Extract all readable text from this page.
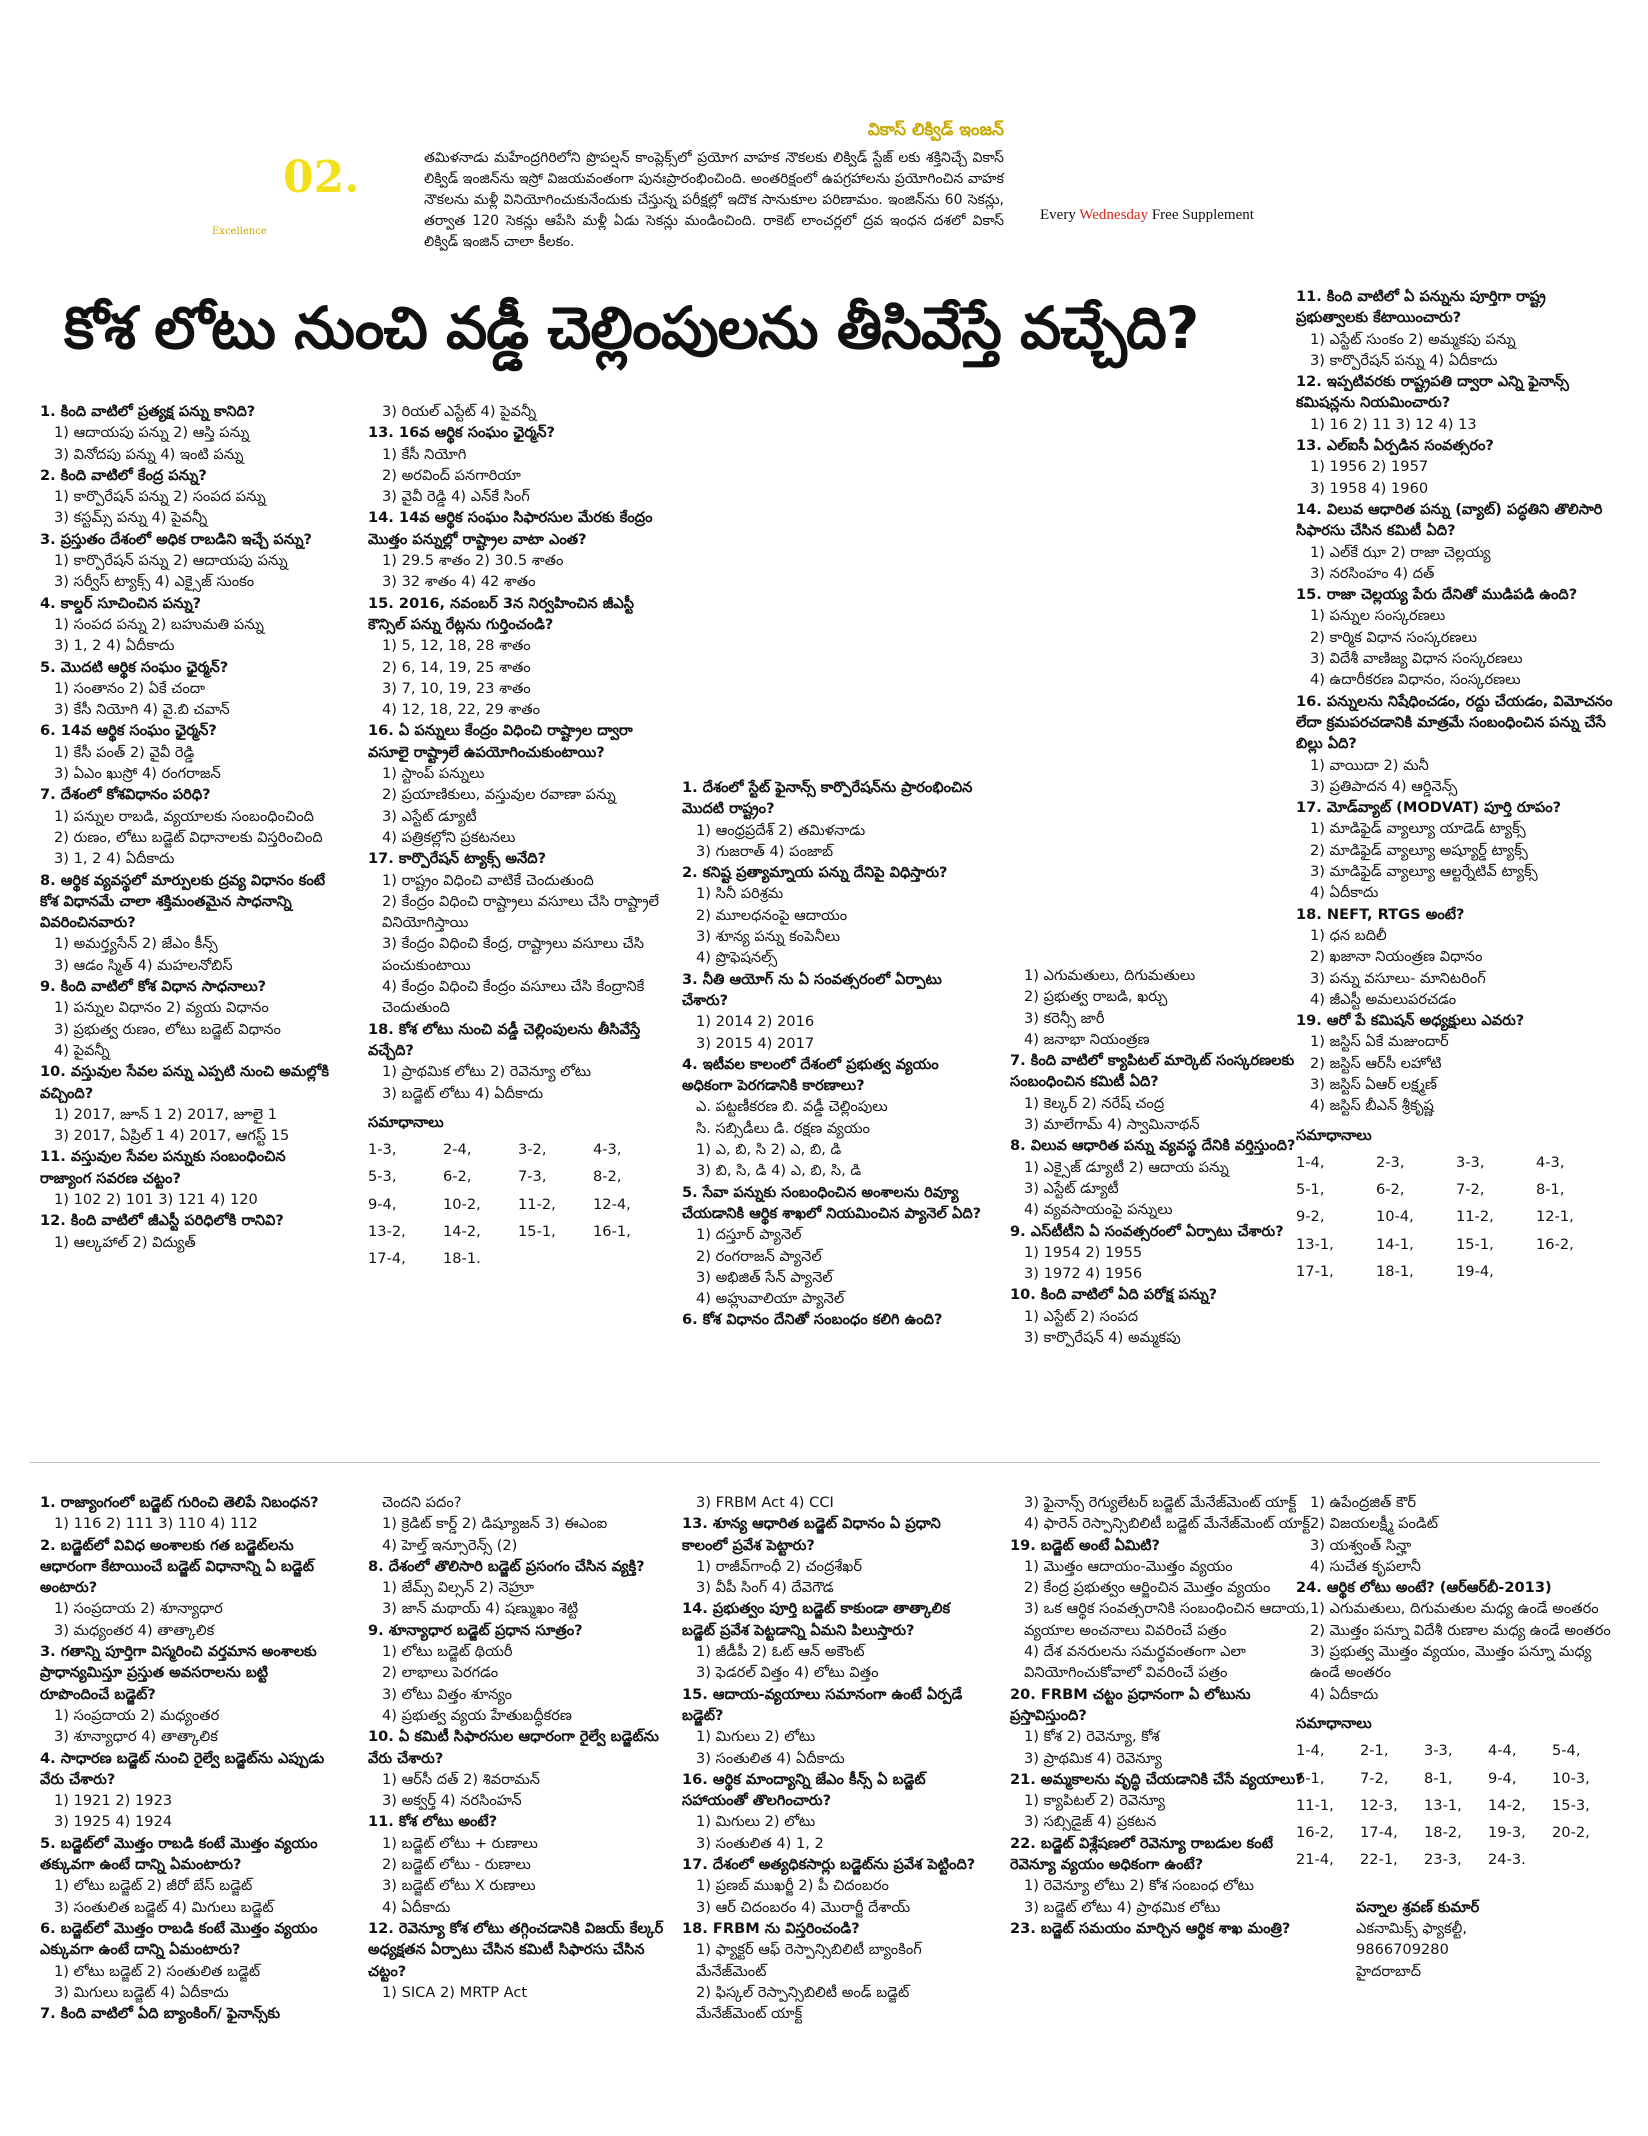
02.
Excellence
వికాస్ లిక్విడ్ ఇంజన్
తమిళనాడు మహేంద్రగిరిలోని ప్రొపల్షన్ కాంప్లెక్స్‌లో ప్రయోగ వాహక నౌకలకు లిక్విడ్ స్టేజ్ లకు శక్తినిచ్చే వికాస్ లిక్విడ్ ఇంజిన్‌ను ఇస్రో విజయవంతంగా పునఃప్రారంభించింది. అంతరిక్షంలో ఉపగ్రహాలను ప్రయోగించిన వాహక నౌకలను మళ్లీ వినియోగించుకునేందుకు చేస్తున్న పరీక్షల్లో ఇదొక సానుకూల పరిణామం. ఇంజిన్‌ను 60 సెకన్లు, తర్వాత 120 సెకన్లు ఆపేసి మళ్లీ ఏడు సెకన్లు మండించింది. రాకెట్ లాంచర్లలో ద్రవ ఇంధన దశలో వికాస్ లిక్విడ్ ఇంజిన్ చాలా కీలకం.
Every Wednesday Free Supplement
కోశ లోటు నుంచి వడ్డీ చెల్లింపులను తీసివేస్తే వచ్చేది?
1. కింది వాటిలో ప్రత్యక్ష పన్ను కానిది?
1) ఆదాయపు పన్ను 2) ఆస్తి పన్ను
3) వినోదపు పన్ను 4) ఇంటి పన్ను
2. కింది వాటిలో కేంద్ర పన్ను?
1) కార్పొరేషన్ పన్ను 2) సంపద పన్ను
3) కస్టమ్స్ పన్ను 4) పైవన్నీ
3. ప్రస్తుతం దేశంలో అధిక రాబడిని ఇచ్చే పన్ను?
1) కార్పొరేషన్ పన్ను 2) ఆదాయపు పన్ను
3) సర్వీస్ ట్యాక్స్ 4) ఎక్సైజ్ సుంకం
4. కాల్డర్ సూచించిన పన్ను?
1) సంపద పన్ను 2) బహుమతి పన్ను
3) 1, 2 4) ఏదీకాదు
5. మొదటి ఆర్థిక సంఘం ఛైర్మన్?
1) సంతానం 2) ఏకే చందా
3) కేసీ నియోగి 4) వై.బి చవాన్
6. 14వ ఆర్థిక సంఘం ఛైర్మన్?
1) కేసీ పంత్ 2) వైవీ రెడ్డి
3) ఏఎం ఖుస్రో 4) రంగరాజన్
7. దేశంలో కోశవిధానం పరిధి?
1) పన్నుల రాబడి, వ్యయాలకు సంబంధించింది
2) రుణం, లోటు బడ్జెట్ విధానాలకు విస్తరించింది
3) 1, 2 4) ఏదీకాదు
8. ఆర్థిక వ్యవస్థలో మార్పులకు ద్రవ్య విధానం కంటే కోశ విధానమే చాలా శక్తిమంతమైన సాధనాన్ని వివరించినవారు?
1) అమర్త్యసేన్ 2) జేఎం కీన్స్
3) ఆడం స్మిత్ 4) మహలనోబిస్
9. కింది వాటిలో కోశ విధాన సాధనాలు?
1) పన్నుల విధానం 2) వ్యయ విధానం
3) ప్రభుత్వ రుణం, లోటు బడ్జెట్ విధానం
4) పైవన్నీ
10. వస్తువుల సేవల పన్ను ఎప్పటి నుంచి అమల్లోకి వచ్చింది?
1) 2017, జూన్ 1 2) 2017, జూలై 1
3) 2017, ఏప్రిల్ 1 4) 2017, ఆగస్ట్ 15
11. వస్తువుల సేవల పన్నుకు సంబంధించిన రాజ్యాంగ సవరణ చట్టం?
1) 102 2) 101 3) 121 4) 120
12. కింది వాటిలో జీఎస్టీ పరిధిలోకి రానివి?
1) ఆల్కహాల్ 2) విద్యుత్
3) రియల్ ఎస్టేట్ 4) పైవన్నీ
13. 16వ ఆర్థిక సంఘం ఛైర్మన్?
1) కేసీ నియోగి
2) అరవింద్ పనగారియా
3) వైవీ రెడ్డి 4) ఎన్‌కే సింగ్
14. 14వ ఆర్థిక సంఘం సిఫారసుల మేరకు కేంద్రం మొత్తం పన్నుల్లో రాష్ట్రాల వాటా ఎంత?
1) 29.5 శాతం 2) 30.5 శాతం
3) 32 శాతం 4) 42 శాతం
15. 2016, నవంబర్ 3న నిర్వహించిన జీఎస్టీ కౌన్సిల్ పన్ను రేట్లను గుర్తించండి?
1) 5, 12, 18, 28 శాతం
2) 6, 14, 19, 25 శాతం
3) 7, 10, 19, 23 శాతం
4) 12, 18, 22, 29 శాతం
16. ఏ పన్నులు కేంద్రం విధించి రాష్ట్రాల ద్వారా వసూలై రాష్ట్రాలే ఉపయోగించుకుంటాయి?
1) స్టాంప్ పన్నులు
2) ప్రయాణికులు, వస్తువుల రవాణా పన్ను
3) ఎస్టేట్ డ్యూటీ
4) పత్రికల్లోని ప్రకటనలు
17. కార్పొరేషన్ ట్యాక్స్ అనేది?
1) రాష్ట్రం విధించి వాటికే చెందుతుంది
2) కేంద్రం విధించి రాష్ట్రాలు వసూలు చేసి రాష్ట్రాలే వినియోగిస్తాయి
3) కేంద్రం విధించి కేంద్ర, రాష్ట్రాలు వసూలు చేసి పంచుకుంటాయి
4) కేంద్రం విధించి కేంద్రం వసూలు చేసి కేంద్రానికే చెందుతుంది
18. కోశ లోటు నుంచి వడ్డీ చెల్లింపులను తీసివేస్తే వచ్చేది?
1) ప్రాథమిక లోటు 2) రెవెన్యూ లోటు
3) బడ్జెట్ లోటు 4) ఏదీకాదు
సమాధానాలు
1-3,	2-4,	3-2,	4-3,
5-3,	6-2,	7-3,	8-2,
9-4,	10-2,	11-2,	12-4,
13-2,	14-2,	15-1,	16-1,
17-4,	18-1.
1. దేశంలో స్టేట్ ఫైనాన్స్ కార్పొరేషన్‌ను ప్రారంభించిన మొదటి రాష్ట్రం?
1) ఆంధ్రప్రదేశ్ 2) తమిళనాడు
3) గుజరాత్ 4) పంజాబ్
2. కనిష్ట ప్రత్యామ్నాయ పన్ను దేనిపై విధిస్తారు?
1) సినీ పరిశ్రమ
2) మూలధనంపై ఆదాయం
3) శూన్య పన్ను కంపెనీలు
4) ప్రొఫెషనల్స్
3. నీతి ఆయోగ్ ను ఏ సంవత్సరంలో ఏర్పాటు చేశారు?
1) 2014 2) 2016
3) 2015 4) 2017
4. ఇటీవల కాలంలో దేశంలో ప్రభుత్వ వ్యయం అధికంగా పెరగడానికి కారణాలు?
ఎ. పట్టణీకరణ బి. వడ్డీ చెల్లింపులు
సి. సబ్సిడీలు డి. రక్షణ వ్యయం
1) ఎ, బి, సి 2) ఎ, బి, డి
3) బి, సి, డి 4) ఎ, బి, సి, డి
5. సేవా పన్నుకు సంబంధించిన అంశాలను రివ్యూ చేయడానికి ఆర్థిక శాఖలో నియమించిన ప్యానెల్ ఏది?
1) దస్తూర్ ప్యానెల్
2) రంగరాజన్ ప్యానెల్
3) అభిజిత్ సేన్ ప్యానెల్
4) అహ్లువాలియా ప్యానెల్
6. కోశ విధానం దేనితో సంబంధం కలిగి ఉంది?
1) ఎగుమతులు, దిగుమతులు
2) ప్రభుత్వ రాబడి, ఖర్చు
3) కరెన్సీ జారీ
4) జనాభా నియంత్రణ
7. కింది వాటిలో క్యాపిటల్ మార్కెట్ సంస్కరణలకు సంబంధించిన కమిటీ ఏది?
1) కెల్కర్ 2) నరేష్ చంద్ర
3) మాలేగామ్ 4) స్వామినాథన్
8. విలువ ఆధారిత పన్ను వ్యవస్థ దేనికి వర్తిస్తుంది?
1) ఎక్సైజ్ డ్యూటీ 2) ఆదాయ పన్ను
3) ఎస్టేట్ డ్యూటీ
4) వ్యవసాయంపై పన్నులు
9. ఎస్‌టీటీని ఏ సంవత్సరంలో ఏర్పాటు చేశారు?
1) 1954 2) 1955
3) 1972 4) 1956
10. కింది వాటిలో ఏది పరోక్ష పన్ను?
1) ఎస్టేట్ 2) సంపద
3) కార్పొరేషన్ 4) అమ్మకపు
11. కింది వాటిలో ఏ పన్నును పూర్తిగా రాష్ట్ర ప్రభుత్వాలకు కేటాయించారు?
1) ఎస్టేట్ సుంకం 2) అమ్మకపు పన్ను
3) కార్పొరేషన్ పన్ను 4) ఏదీకాదు
12. ఇప్పటివరకు రాష్ట్రపతి ద్వారా ఎన్ని ఫైనాన్స్ కమిషన్లను నియమించారు?
1) 16 2) 11 3) 12 4) 13
13. ఎల్ఐసీ ఏర్పడిన సంవత్సరం?
1) 1956 2) 1957
3) 1958 4) 1960
14. విలువ ఆధారిత పన్ను (వ్యాట్) పద్ధతిని తొలిసారి సిఫారసు చేసిన కమిటీ ఏది?
1) ఎల్‌కే ఝా 2) రాజా చెల్లయ్య
3) నరసింహం 4) దత్
15. రాజా చెల్లయ్య పేరు దేనితో ముడిపడి ఉంది?
1) పన్నుల సంస్కరణలు
2) కార్మిక విధాన సంస్కరణలు
3) విదేశీ వాణిజ్య విధాన సంస్కరణలు
4) ఉదారీకరణ విధానం, సంస్కరణలు
16. పన్నులను నిషేధించడం, రద్దు చేయడం, విమోచనం లేదా క్రమపరచడానికి మాత్రమే సంబంధించిన పన్ను చేసే బిల్లు ఏది?
1) వాయిదా 2) మనీ
3) ప్రతిపాదన 4) ఆర్డినెన్స్
17. మోడ్‌వ్యాట్ (MODVAT) పూర్తి రూపం?
1) మాడిఫైడ్ వ్యాల్యూ యాడెడ్ ట్యాక్స్
2) మాడిఫైడ్ వ్యాల్యూ అష్యూర్డ్ ట్యాక్స్
3) మాడిఫైడ్ వ్యాల్యూ ఆల్టర్నేటివ్ ట్యాక్స్
4) ఏదీకాదు
18. NEFT, RTGS అంటే?
1) ధన బదిలీ
2) ఖజానా నియంత్రణ విధానం
3) పన్ను వసూలు- మానిటరింగ్
4) జీఎస్టీ అమలుపరచడం
19. ఆరో పే కమిషన్ అధ్యక్షులు ఎవరు?
1) జస్టిస్ ఏకే మజుందార్
2) జస్టిస్ ఆర్‌సీ లహోటి
3) జస్టిస్ ఏఆర్ లక్ష్మణ్
4) జస్టిస్ బీఎన్ శ్రీకృష్ణ
సమాధానాలు
1-4,	2-3,	3-3,	4-3,
5-1,	6-2,	7-2,	8-1,
9-2,	10-4,	11-2,	12-1,
13-1,	14-1,	15-1,	16-2,
17-1,	18-1,	19-4,
1. రాజ్యాంగంలో బడ్జెట్ గురించి తెలిపే నిబంధన?
1) 116 2) 111 3) 110 4) 112
2. బడ్జెట్‌లో వివిధ అంశాలకు గత బడ్జెట్‌లను ఆధారంగా కేటాయించే బడ్జెట్ విధానాన్ని ఏ బడ్జెట్ అంటారు?
1) సంప్రదాయ 2) శూన్యాధార
3) మధ్యంతర 4) తాత్కాలిక
3. గతాన్ని పూర్తిగా విస్మరించి వర్తమాన అంశాలకు ప్రాధాన్యమిస్తూ ప్రస్తుత అవసరాలను బట్టి రూపొందించే బడ్జెట్?
1) సంప్రదాయ 2) మధ్యంతర
3) శూన్యాధార 4) తాత్కాలిక
4. సాధారణ బడ్జెట్ నుంచి రైల్వే బడ్జెట్‌ను ఎప్పుడు వేరు చేశారు?
1) 1921 2) 1923
3) 1925 4) 1924
5. బడ్జెట్‌లో మొత్తం రాబడి కంటే మొత్తం వ్యయం తక్కువగా ఉంటే దాన్ని ఏమంటారు?
1) లోటు బడ్జెట్ 2) జీరో బేస్ బడ్జెట్
3) సంతులిత బడ్జెట్ 4) మిగులు బడ్జెట్
6. బడ్జెట్‌లో మొత్తం రాబడి కంటే మొత్తం వ్యయం ఎక్కువగా ఉంటే దాన్ని ఏమంటారు?
1) లోటు బడ్జెట్ 2) సంతులిత బడ్జెట్
3) మిగులు బడ్జెట్ 4) ఏదీకాదు
7. కింది వాటిలో ఏది బ్యాంకింగ్/ ఫైనాన్స్‌కు
చెందని పదం?
1) క్రెడిట్ కార్డ్ 2) డిష్యూజన్ 3) ఈఎంఐ
4) హెల్త్ ఇన్సూరెన్స్ (2)
8. దేశంలో తొలిసారి బడ్జెట్ ప్రసంగం చేసిన వ్యక్తి?
1) జేమ్స్ విల్సన్ 2) నెహ్రూ
3) జాన్ మథాయ్ 4) షణ్ముఖం శెట్టి
9. శూన్యాధార బడ్జెట్ ప్రధాన సూత్రం?
1) లోటు బడ్జెట్ థియరీ
2) లాభాలు పెరగడం
3) లోటు విత్తం శూన్యం
4) ప్రభుత్వ వ్యయ హేతుబద్ధీకరణ
10. ఏ కమిటీ సిఫారసుల ఆధారంగా రైల్వే బడ్జెట్‌ను వేరు చేశారు?
1) ఆర్‌సీ దత్ 2) శివరామన్
3) అక్వర్త్ 4) నరసింహన్
11. కోశ లోటు అంటే?
1) బడ్జెట్ లోటు + రుణాలు
2) బడ్జెట్ లోటు - రుణాలు
3) బడ్జెట్ లోటు X రుణాలు
4) ఏదీకాదు
12. రెవెన్యూ కోశ లోటు తగ్గించడానికి విజయ్ కేల్కర్ అధ్యక్షతన ఏర్పాటు చేసిన కమిటీ సిఫారసు చేసిన చట్టం?
1) SICA 2) MRTP Act
3) FRBM Act 4) CCI
13. శూన్య ఆధారిత బడ్జెట్ విధానం ఏ ప్రధాని కాలంలో ప్రవేశ పెట్టారు?
1) రాజీవ్‌గాంధీ 2) చంద్రశేఖర్
3) వీపీ సింగ్ 4) దేవెగౌడ
14. ప్రభుత్వం పూర్తి బడ్జెట్ కాకుండా తాత్కాలిక బడ్జెట్ ప్రవేశ పెట్టడాన్ని ఏమని పిలుస్తారు?
1) జీడీపీ 2) ఓట్ ఆన్ అకౌంట్
3) ఫెడరల్ విత్తం 4) లోటు విత్తం
15. ఆదాయ-వ్యయాలు సమానంగా ఉంటే ఏర్పడే బడ్జెట్?
1) మిగులు 2) లోటు
3) సంతులిత 4) ఏదీకాదు
16. ఆర్థిక మాంద్యాన్ని జేఎం కీన్స్ ఏ బడ్జెట్ సహాయంతో తొలగించారు?
1) మిగులు 2) లోటు
3) సంతులిత 4) 1, 2
17. దేశంలో అత్యధికసార్లు బడ్జెట్‌ను ప్రవేశ పెట్టింది?
1) ప్రణబ్ ముఖర్జీ 2) పీ చిదంబరం
3) ఆర్ చిదంబరం 4) మొరార్జీ దేశాయ్
18. FRBM ను విస్తరించండి?
1) ఫ్యాక్టర్ ఆఫ్ రెస్పాన్సిబిలిటీ బ్యాంకింగ్ మేనేజ్‌మెంట్
2) ఫిస్కల్ రెస్పాన్సిబిలిటీ అండ్ బడ్జెట్ మేనేజ్‌మెంట్ యాక్ట్
3) ఫైనాన్స్ రెగ్యులేటర్ బడ్జెట్ మేనేజ్‌మెంట్ యాక్ట్
4) ఫారెన్ రెస్పాన్సిబిలిటీ బడ్జెట్ మేనేజ్‌మెంట్ యాక్ట్
19. బడ్జెట్ అంటే ఏమిటి?
1) మొత్తం ఆదాయం-మొత్తం వ్యయం
2) కేంద్ర ప్రభుత్వం ఆర్జించిన మొత్తం వ్యయం
3) ఒక ఆర్థిక సంవత్సరానికి సంబంధించిన ఆదాయ, వ్యయాల అంచనాలు వివరించే పత్రం
4) దేశ వనరులను సమర్థవంతంగా ఎలా వినియోగించుకోవాలో వివరించే పత్రం
20. FRBM చట్టం ప్రధానంగా ఏ లోటును ప్రస్తావిస్తుంది?
1) కోశ 2) రెవెన్యూ, కోశ
3) ప్రాథమిక 4) రెవెన్యూ
21. అమ్మకాలను వృద్ధి చేయడానికి చేసే వ్యయాలు?
1) క్యాపిటల్ 2) రెవెన్యూ
3) సబ్సిడైజ్ 4) ప్రకటన
22. బడ్జెట్ విశ్లేషణలో రెవెన్యూ రాబడుల కంటే రెవెన్యూ వ్యయం అధికంగా ఉంటే?
1) రెవెన్యూ లోటు 2) కోశ సంబంధ లోటు
3) బడ్జెట్ లోటు 4) ప్రాథమిక లోటు
23. బడ్జెట్ సమయం మార్చిన ఆర్థిక శాఖ మంత్రి?
1) ఉపేంద్రజిత్ కౌర్
2) విజయలక్ష్మీ పండిట్
3) యశ్వంత్ సిన్హా
4) సుచేత కృపలానీ
24. ఆర్థిక లోటు అంటే? (ఆర్‌ఆర్‌బీ-2013)
1) ఎగుమతులు, దిగుమతుల మధ్య ఉండే అంతరం
2) మొత్తం పన్నూ విదేశీ రుణాల మధ్య ఉండే అంతరం
3) ప్రభుత్వ మొత్తం వ్యయం, మొత్తం పన్నూ మధ్య ఉండే అంతరం
4) ఏదీకాదు
సమాధానాలు
1-4,	2-1,	3-3,	4-4,	5-4,
6-1,	7-2,	8-1,	9-4,	10-3,
11-1,	12-3,	13-1,	14-2,	15-3,
16-2,	17-4,	18-2,	19-3,	20-2,
21-4,	22-1,	23-3,	24-3.
పన్నాల శ్రవణ్ కుమార్
ఎకనామిక్స్ ఫ్యాకల్టీ,
9866709280
హైదరాబాద్
